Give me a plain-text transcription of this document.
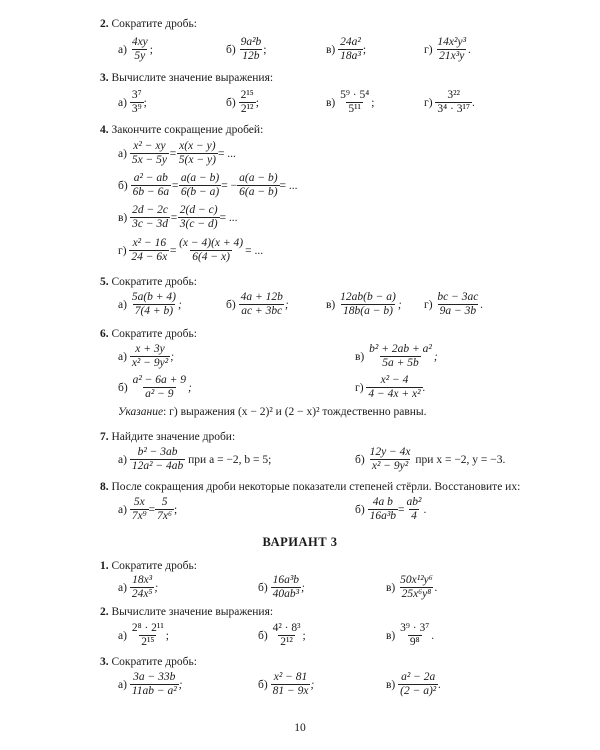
2. Сократите дробь:
а)
$\frac{4xy}{5y}$ ;	б)
$\frac{\text{9a²b}}{12b}$ ;	в)
$\frac{\text{24a²}}{\text{18a³}}$ ;	г)
$\frac{\text{14x²y³}}{\text{21x³y}}$ .
3. Вычислите значение выражения:
а)
$\frac{\text{3⁷}}{\text{3⁹}}$ ;	б)
$\frac{\text{2¹⁵}}{\text{2¹²}}$ ;	в)
$\frac{\text{5⁹ · 5⁴}}{\text{5¹¹}}$ ;	г)
$\frac{\text{3²²}}{\text{3⁴ · 3¹⁷}}$ .
4. Закончите сокращение дробей:
а)
$\frac{\text{x² − xy}}{5x - 5y} = \frac{x(x - y)}{5(x - y)}$ = ...
б)
$\frac{\text{a² − ab}}{6b - 6a} = \frac{a(a - b)}{6(b - a)}$ = − $\frac{a(a - b)}{6(a - b)}$ = ...
в)
$\frac{2d - 2c}{3c - 3d} = \frac{2(d - c)}{3(c - d)}$ = ...
г)
$\frac{\text{x² − 16}}{24 - 6x} = \frac{(x - 4)(x + 4)}{6(4 - x)}$ = ...
5. Сократите дробь:
а)
$\frac{5a(b + 4)}{7(4 + b)}$ ;	б)
$\frac{4a + 12b}{ac + 3bc}$ ;	в)
$\frac{12ab(b - a)}{18b(a - b)}$ ; г)
$\frac{bc - 3ac}{9a - 3b}$ .
6. Сократите дробь:
а)
$\frac{x + 3y}{\text{x² − 9y²}}$ ;	в)
$\frac{\text{b² + 2ab + a²}}{5a + 5b}$ ;
б)
$\frac{\text{a² − 6a + 9}}{\text{a² − 9}}$ ;	г)
$\frac{\text{x² − 4}}{\text{4 − 4x + x²}}$ .
Указание: г) выражения (x − 2)² и (2 − x)² тождественно равны.
7. Найдите значение дроби:
а)
$\frac{\text{b² − 3ab}}{\text{12a² − 4ab}}$
при a = −2, b = 5;	б)
$\frac{12y - 4x}{\text{x² − 9y²}}$
при x = −2, y = −3.
8. После сокращения дроби некоторые показатели степеней стёрли. Восстановите их:
а)
$\frac{5x}{\text{7x⁹}} = \frac{5}{\text{7x⁶}}$ ;	б)
$\frac{\text{4a b}}{\text{16a³b}} = \frac{\text{ab²}}{4}$ .
ВАРИАНТ 3
1. Сократите дробь:
а)
$\frac{\text{18x³}}{\text{24x⁵}}$ ;	б)
$\frac{\text{16a³b}}{\text{40ab³}}$ ;	в)
$\frac{\text{50x¹²y⁶}}{\text{25x⁶y⁸}}$ .
2. Вычислите значение выражения:
а)
$\frac{\text{2⁸ · 2¹¹}}{\text{2¹⁵}}$ ;	б)
$\frac{\text{4² · 8³}}{\text{2¹²}}$ ;	в)
$\frac{\text{3⁹ · 3⁷}}{\text{9⁸}}$ .
3. Сократите дробь:
а)
$\frac{3a - 33b}{\text{11ab − a²}}$ ;	б)
$\frac{\text{x² − 81}}{81 - 9x}$ ;	в)
$\frac{\text{a² − 2a}}{\text{(2 − a)²}}$ .
10
